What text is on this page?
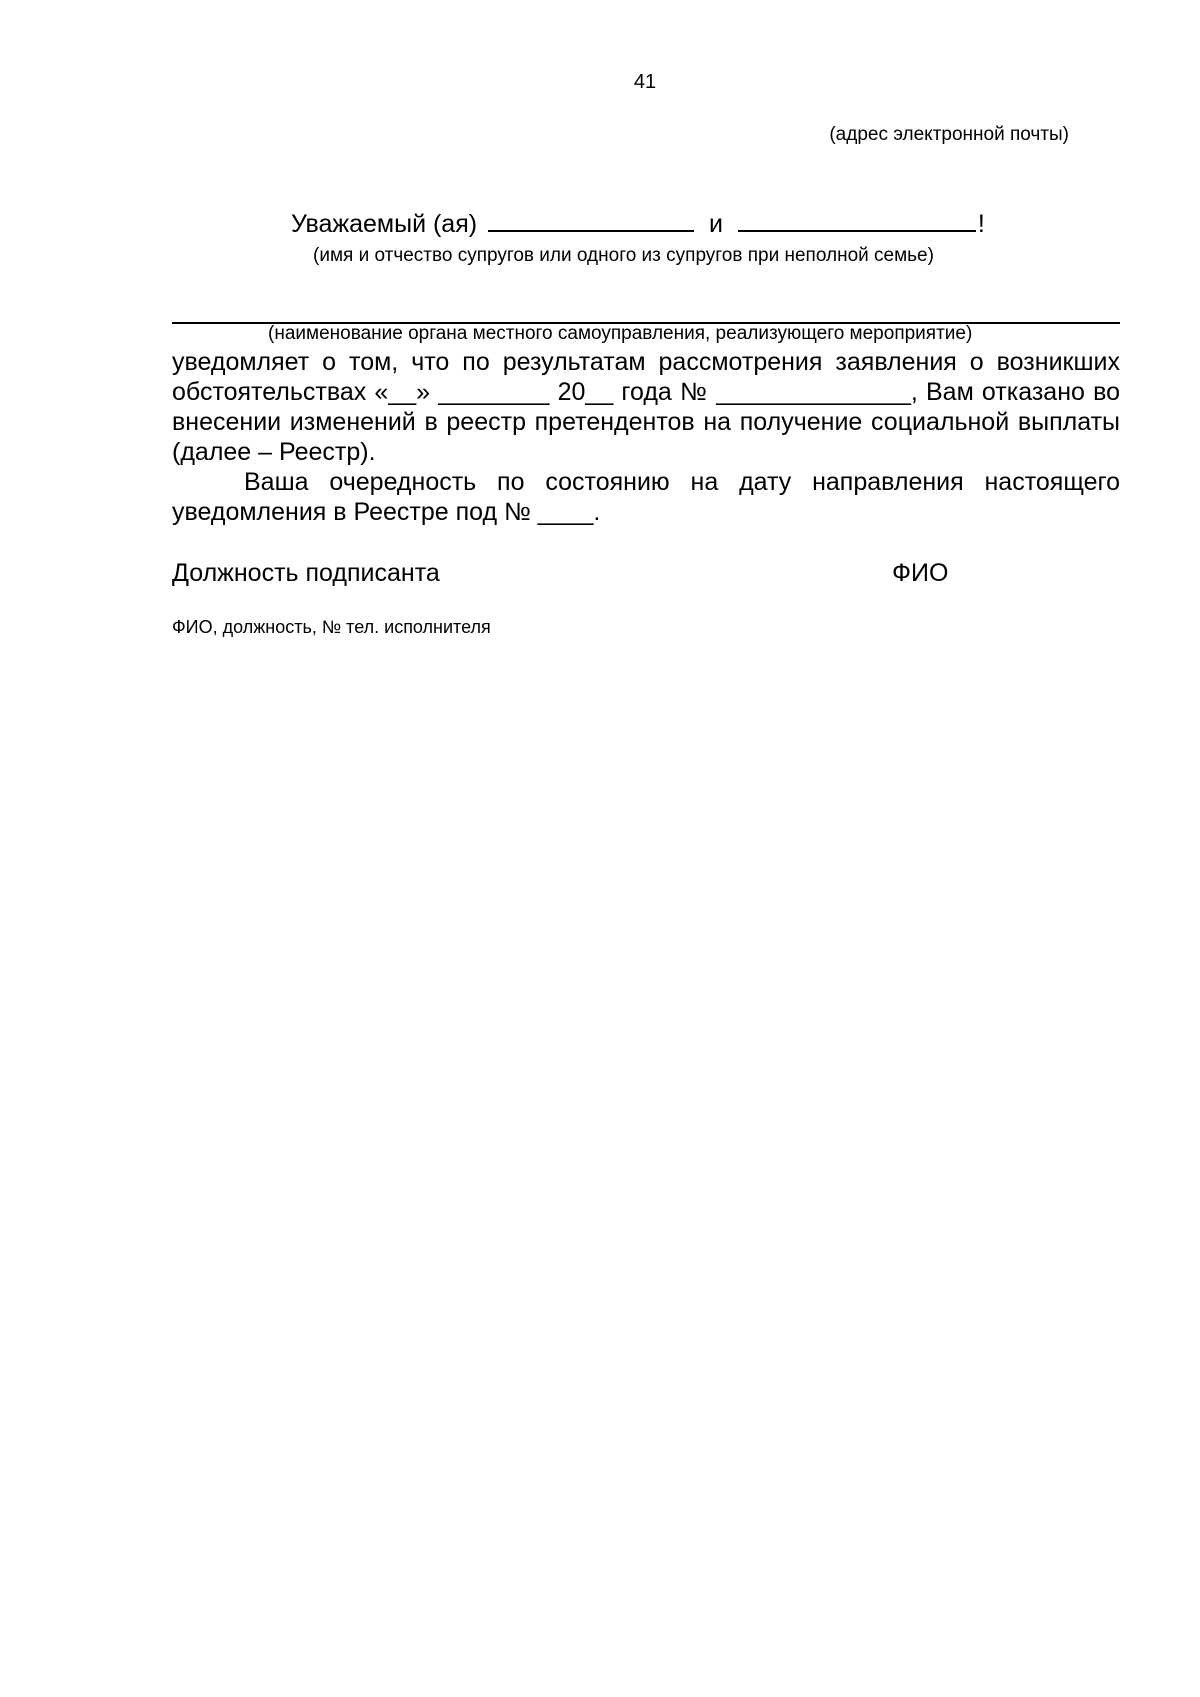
41
(адрес электронной почты)
Уважаемый (ая)	и	!
(имя и отчество супругов или одного из супругов при неполной семье)
(наименование органа местного самоуправления, реализующего мероприятие)

уведомляет о том, что по результатам рассмотрения заявления о возникших обстоятельствах «__» ________ 20__ года № ______________, Вам отказано во внесении изменений в реестр претендентов на получение социальной выплаты (далее – Реестр).

Ваша очередность по состоянию на дату направления настоящего уведомления в Реестре под № ____.

Должность подписанта	ФИО
ФИО, должность, № тел. исполнителя
